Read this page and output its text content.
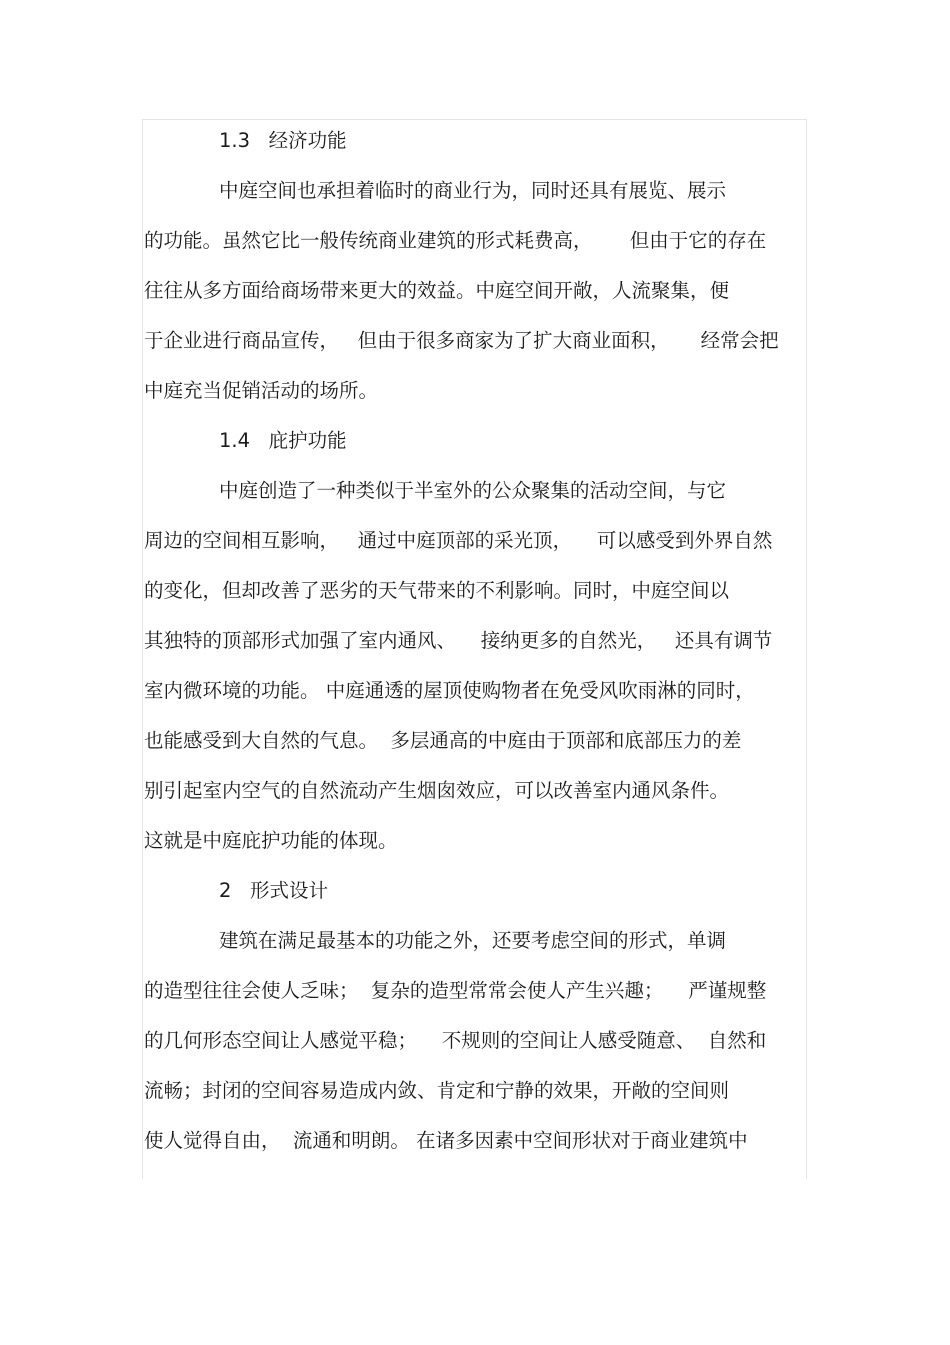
1.3   经济功能
中庭空间也承担着临时的商业行为，同时还具有展览、展示
的功能。虽然它比一般传统商业建筑的形式耗费高，      但由于它的存在
往往从多方面给商场带来更大的效益。中庭空间开敞，人流聚集，便
于企业进行商品宣传，   但由于很多商家为了扩大商业面积，     经常会把
中庭充当促销活动的场所。
1.4   庇护功能
中庭创造了一种类似于半室外的公众聚集的活动空间，与它
周边的空间相互影响，   通过中庭顶部的采光顶，    可以感受到外界自然
的变化，但却改善了恶劣的天气带来的不利影响。同时，中庭空间以
其独特的顶部形式加强了室内通风、    接纳更多的自然光，   还具有调节
室内微环境的功能。 中庭通透的屋顶使购物者在免受风吹雨淋的同时，
也能感受到大自然的气息。  多层通高的中庭由于顶部和底部压力的差
别引起室内空气的自然流动产生烟囱效应，可以改善室内通风条件。
这就是中庭庇护功能的体现。
2   形式设计
建筑在满足最基本的功能之外，还要考虑空间的形式，单调
的造型往往会使人乏味；  复杂的造型常常会使人产生兴趣；    严谨规整
的几何形态空间让人感觉平稳；    不规则的空间让人感受随意、  自然和
流畅；封闭的空间容易造成内敛、肯定和宁静的效果，开敞的空间则
使人觉得自由，  流通和明朗。 在诸多因素中空间形状对于商业建筑中
